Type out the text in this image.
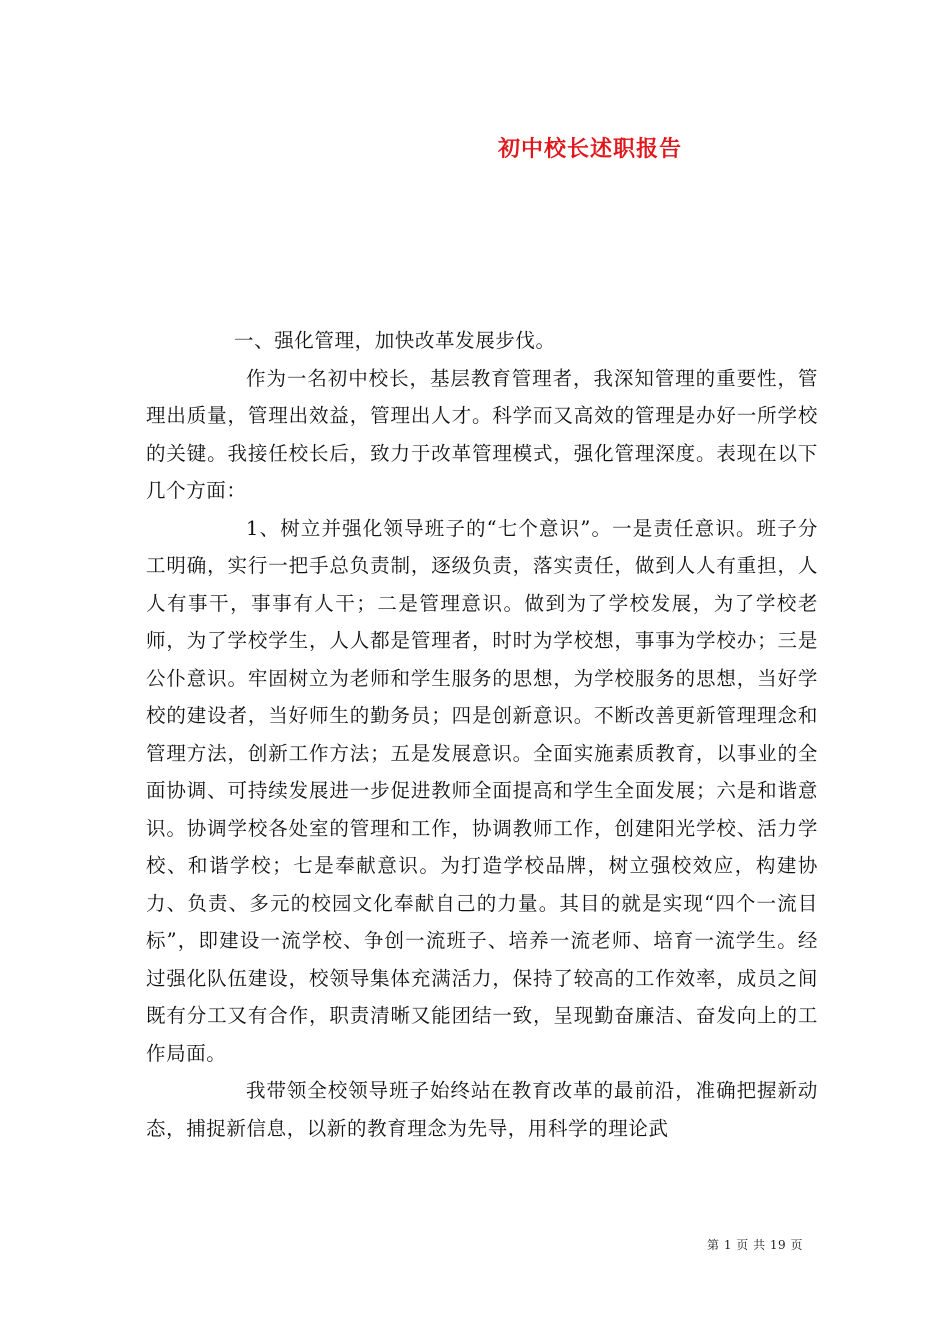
初中校长述职报告

一、强化管理，加快改革发展步伐。

作为一名初中校长，基层教育管理者，我深知管理的重要性，管理出质量，管理出效益，管理出人才。科学而又高效的管理是办好一所学校的关键。我接任校长后，致力于改革管理模式，强化管理深度。表现在以下几个方面：

1、树立并强化领导班子的“七个意识”。一是责任意识。班子分工明确，实行一把手总负责制，逐级负责，落实责任，做到人人有重担，人人有事干，事事有人干；二是管理意识。做到为了学校发展，为了学校老师，为了学校学生，人人都是管理者，时时为学校想，事事为学校办；三是公仆意识。牢固树立为老师和学生服务的思想，为学校服务的思想，当好学校的建设者，当好师生的勤务员；四是创新意识。不断改善更新管理理念和管理方法，创新工作方法；五是发展意识。全面实施素质教育，以事业的全面协调、可持续发展进一步促进教师全面提高和学生全面发展；六是和谐意识。协调学校各处室的管理和工作，协调教师工作，创建阳光学校、活力学校、和谐学校；七是奉献意识。为打造学校品牌，树立强校效应，构建协力、负责、多元的校园文化奉献自己的力量。其目的就是实现“四个一流目标”，即建设一流学校、争创一流班子、培养一流老师、培育一流学生。经过强化队伍建设，校领导集体充满活力，保持了较高的工作效率，成员之间既有分工又有合作，职责清晰又能团结一致，呈现勤奋廉洁、奋发向上的工作局面。

我带领全校领导班子始终站在教育改革的最前沿，准确把握新动态，捕捉新信息，以新的教育理念为先导，用科学的理论武

第 1 页 共 19 页
